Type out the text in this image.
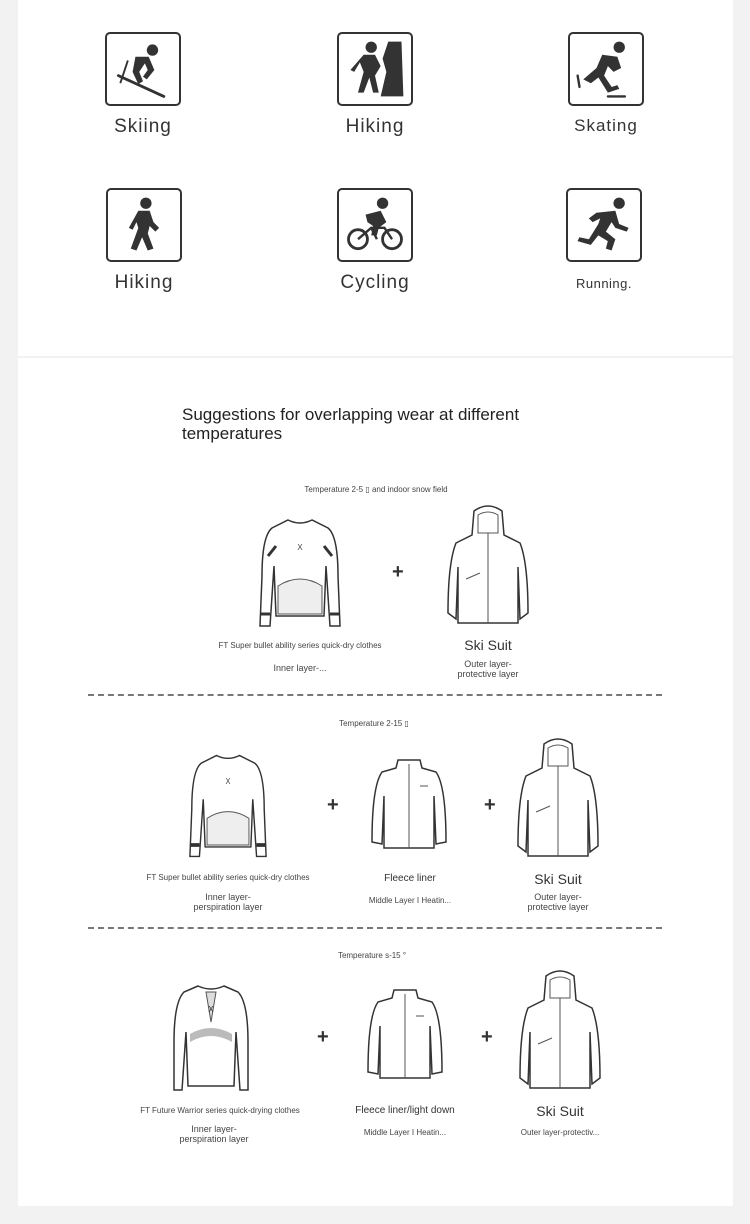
Skiing	Hiking	Skating
Hiking	Cycling	Running.
Suggestions for overlapping wear at different temperatures
Temperature 2-5 ▯ and indoor snow field
X
FT Super bullet ability series quick-dry clothes
Inner layer-...
+
Ski Suit
Outer layer-
protective layer
Temperature 2-15 ▯
X
FT Super bullet ability series quick-dry clothes
Inner layer-
perspiration layer
+
Fleece liner
Middle Layer I Heatin...
+
Ski Suit
Outer layer-
protective layer
Temperature s-15 °
X
FT Future Warrior series quick-drying clothes
Inner layer-
perspiration layer
+
Fleece liner/light down
Middle Layer I Heatin...
+
Ski Suit
Outer layer-protectiv...
